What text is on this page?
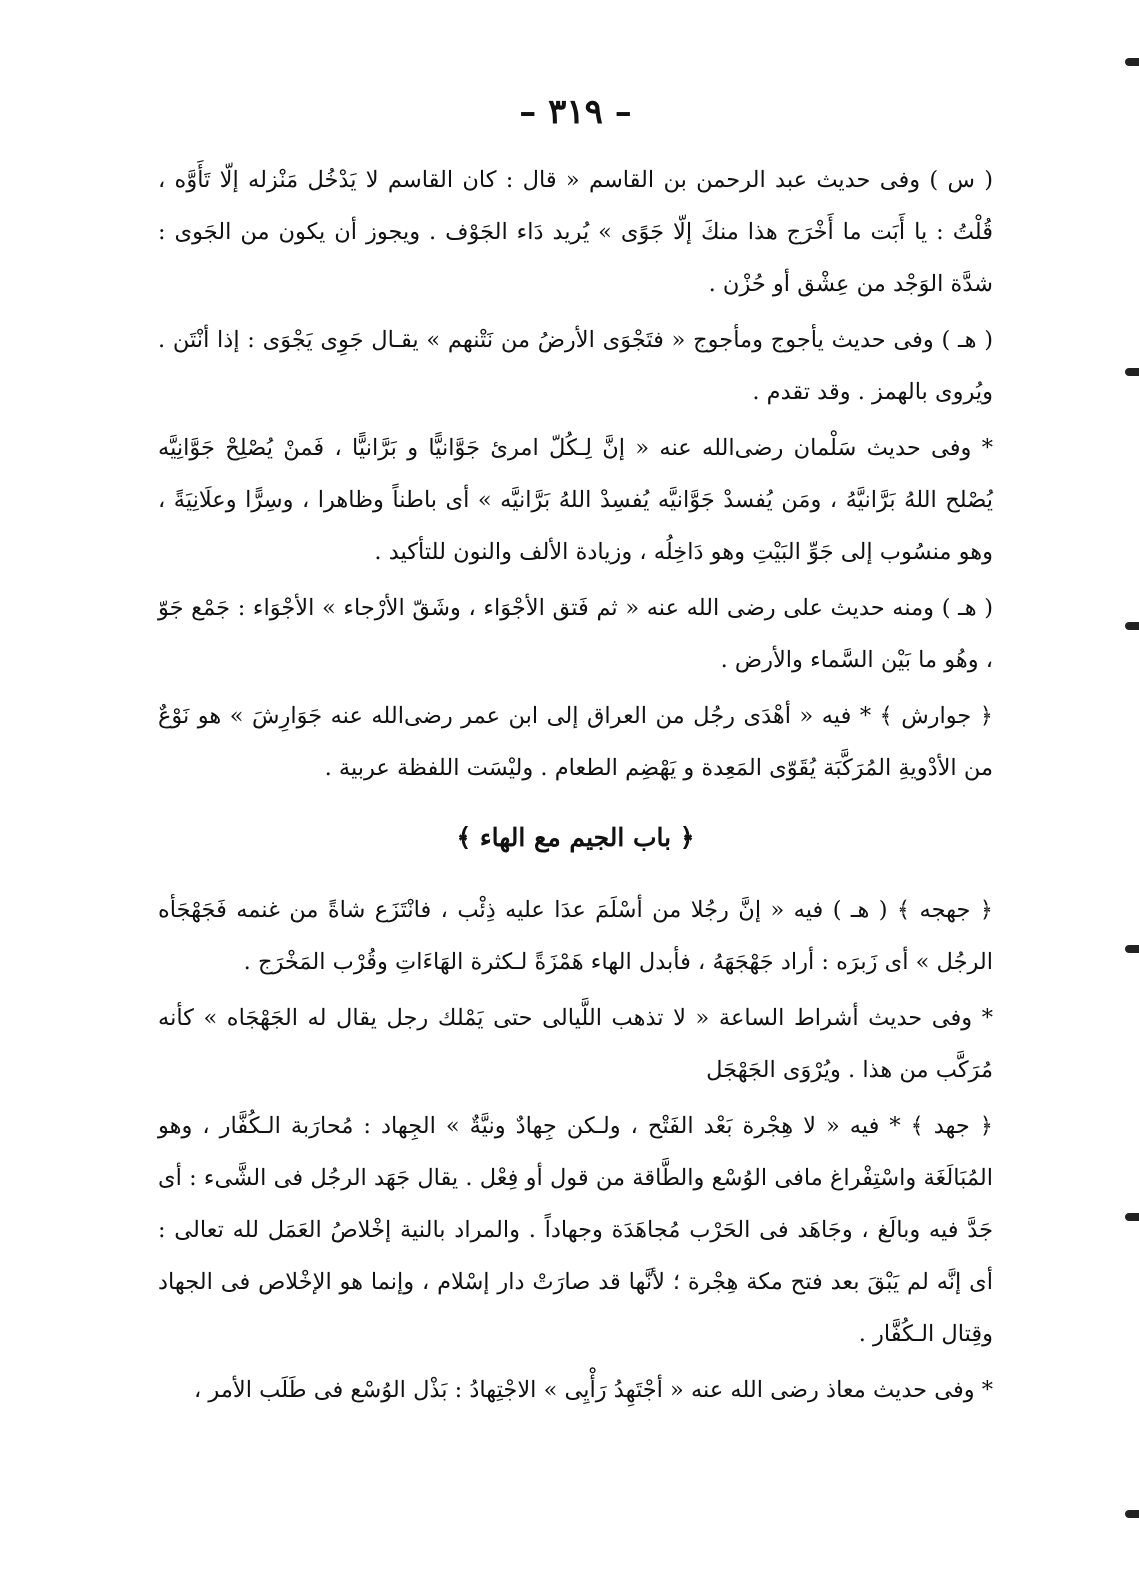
– ٣١٩ –

( س ) وفى حديث عبد الرحمن بن القاسم « قال : كان القاسم لا يَدْخُل مَنْزله إلّا تَأَوَّه ، قُلْتُ : يا أَبَت ما أَخْرَج هذا منكَ إلّا جَوًى » يُريد دَاء الجَوْف . ويجوز أن يكون من الجَوى : شدَّة الوَجْد من عِشْق أو حُزْن .

( هـ ) وفى حديث يأجوج ومأجوج « فتَجْوَى الأرضُ من نَتْنهم » يقـال جَوِى يَجْوَى : إذا أنْتَن . ويُروى بالهمز . وقد تقدم .

* وفى حديث سَلْمان رضى‌الله عنه « إنَّ لِـكُلّ امرئ جَوَّانيًّا و بَرَّانيًّا ، فَمنْ يُصْلِحْ جَوَّانِيَّه يُصْلح اللهُ بَرَّانيَّهُ ، ومَن يُفسدْ جَوَّانيَّه يُفسِدْ اللهُ بَرَّانيَّه » أى باطناً وظاهرا ، وسِرًّا وعلَانِيَةً ، وهو منسُوب إلى جَوِّ البَيْتِ وهو دَاخِلُه ، وزيادة الألف والنون للتأكيد .

( هـ ) ومنه حديث على رضى الله عنه « ثم فَتق الأجْوَاء ، وشَقّ الأرْجاء » الأجْوَاء : جَمْع جَوّ ، وهُو ما بَيْن السَّماء والأرض .

﴿ جوارش ﴾ * فيه « أهْدَى رجُل من العراق إلى ابن عمر رضى‌الله عنه جَوَارِشَ » هو نَوْعٌ من الأدْويةِ المُرَكَّبَة يُقَوّى المَعِدة و يَهْضِم الطعام . وليْسَت اللفظة عربية .

﴿ باب الجيم مع الهاء ﴾

﴿ جهجه ﴾ ( هـ ) فيه « إنَّ رجُلا من أسْلَمَ عدَا عليه ذِئْب ، فانْتَزَع شاةً من غنمه فَجَهْجَأه الرجُل » أى زَبرَه : أراد جَهْجَهَهُ ، فأبدل الهاء هَمْزَةً لـكثرة الهَاءَاتِ وقُرْب المَخْرَج .

* وفى حديث أشراط الساعة « لا تذهب اللَّيالى حتى يَمْلك رجل يقال له الجَهْجَاه » كأنه مُرَكَّب من هذا . ويُرْوَى الجَهْجَل

﴿ جهد ﴾ * فيه « لا هِجْرة بَعْد الفَتْح ، ولـكن جِهادٌ ونيَّةٌ » الجِهاد : مُحارَبة الـكُفَّار ، وهو المُبَالَغَة واسْتِفْراغ مافى الوُسْع والطَّاقة من قول أو فِعْل . يقال جَهَد الرجُل فى الشَّىء : أى جَدَّ فيه وبالَغ ، وجَاهَد فى الحَرْب مُجاهَدَة وجهاداً . والمراد بالنية إخْلاصُ العَمَل لله تعالى : أى إنَّه لم يَبْقَ بعد فتح مكة هِجْرة ؛ لأنَّها قد صارَتْ دار إسْلام ، وإنما هو الإخْلاص فى الجهاد وقِتال الـكُفَّار .

* وفى حديث معاذ رضى الله عنه « أجْتَهِدُ رَأْيِى » الاجْتِهادُ : بَذْل الوُسْع فى طَلَب الأمر ،
